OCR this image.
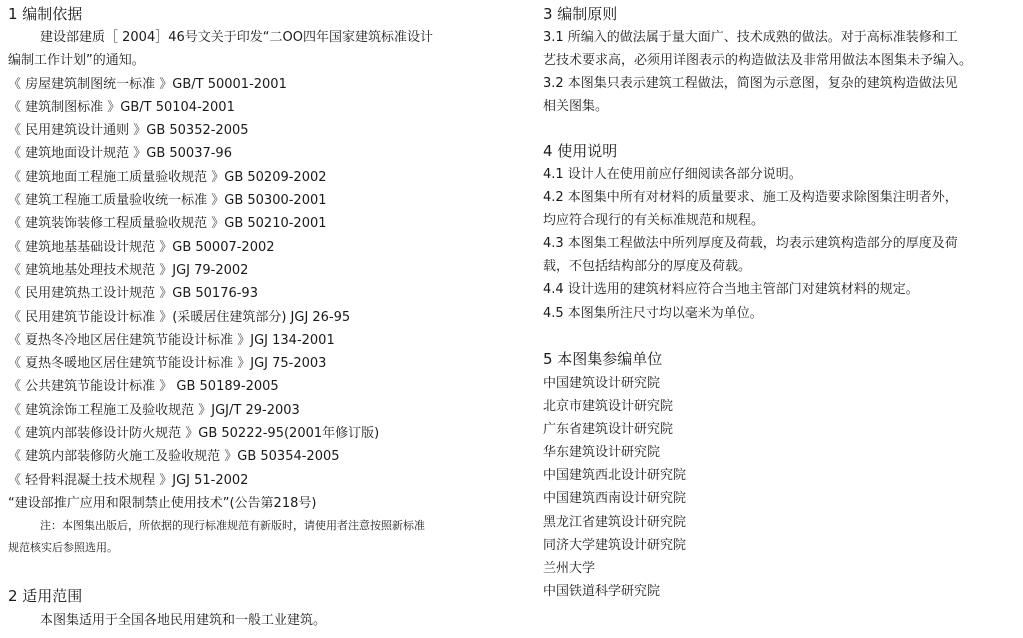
1 编制依据
建设部建质［ 2004］46号文关于印发“二OO四年国家建筑标准设计
编制工作计划”的通知。
《 房屋建筑制图统一标准 》GB/T 50001-2001
《 建筑制图标准 》GB/T 50104-2001
《 民用建筑设计通则 》GB 50352-2005
《 建筑地面设计规范 》GB 50037-96
《 建筑地面工程施工质量验收规范 》GB 50209-2002
《 建筑工程施工质量验收统一标准 》GB 50300-2001
《 建筑装饰装修工程质量验收规范 》GB 50210-2001
《 建筑地基基础设计规范 》GB 50007-2002
《 建筑地基处理技术规范 》JGJ 79-2002
《 民用建筑热工设计规范 》GB 50176-93
《 民用建筑节能设计标准 》(采暖居住建筑部分) JGJ 26-95
《 夏热冬冷地区居住建筑节能设计标准 》JGJ 134-2001
《 夏热冬暖地区居住建筑节能设计标准 》JGJ 75-2003
《 公共建筑节能设计标准 》 GB 50189-2005
《 建筑涂饰工程施工及验收规范 》JGJ/T 29-2003
《 建筑内部装修设计防火规范 》GB 50222-95(2001年修订版)
《 建筑内部装修防火施工及验收规范 》GB 50354-2005
《 轻骨料混凝土技术规程 》JGJ 51-2002
“建设部推广应用和限制禁止使用技术”(公告第218号)
注：本图集出版后，所依据的现行标准规范有新版时，请使用者注意按照新标准
规范核实后参照选用。
2 适用范围
本图集适用于全国各地民用建筑和一般工业建筑。
3 编制原则
3.1 所编入的做法属于量大面广、技术成熟的做法。对于高标准装修和工
艺技术要求高，必须用详图表示的构造做法及非常用做法本图集未予编入。
3.2 本图集只表示建筑工程做法，简图为示意图，复杂的建筑构造做法见
相关图集。
4 使用说明
4.1 设计人在使用前应仔细阅读各部分说明。
4.2 本图集中所有对材料的质量要求、施工及构造要求除图集注明者外，
均应符合现行的有关标准规范和规程。
4.3 本图集工程做法中所列厚度及荷载，均表示建筑构造部分的厚度及荷
载，不包括结构部分的厚度及荷载。
4.4 设计选用的建筑材料应符合当地主管部门对建筑材料的规定。
4.5 本图集所注尺寸均以毫米为单位。
5 本图集参编单位
中国建筑设计研究院
北京市建筑设计研究院
广东省建筑设计研究院
华东建筑设计研究院
中国建筑西北设计研究院
中国建筑西南设计研究院
黑龙江省建筑设计研究院
同济大学建筑设计研究院
兰州大学
中国铁道科学研究院
